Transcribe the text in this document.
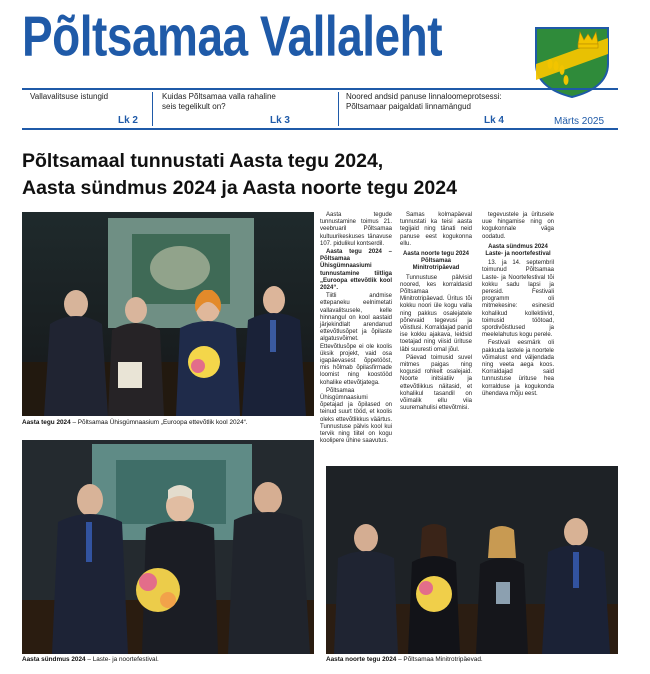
Põltsamaa Vallaleht
Vallavalitsuse istungid
Lk 2
Kuidas Põltsamaa valla rahaline seis tegelikult on?
Lk 3
Noored andsid panuse linnaloomeprotsessi: Põltsamaar paigaldati linnamängud
Lk 4	Märts 2025
Põltsamaal tunnustati Aasta tegu 2024,
Aasta sündmus 2024 ja Aasta noorte tegu 2024
Aasta tegu 2024 – Põltsamaa Ühisgümnaasium „Euroopa ettevõtlik kool 2024“.
Aasta sündmus 2024 – Laste- ja noortefestival.	Aasta noorte tegu 2024 – Põltsamaa Minitrotripäevad.

Aasta tegude tunnustamine toimus 21. veebruaril Põltsamaa kultuurikeskuses tänavuse 107. pidulikul kontserdil.

Aasta tegu 2024 – Põltsamaa Ühisgümnaasiumi tunnustamine tiitliga „Euroopa ettevõtlik kool 2024“.

Tiitli andmise ettepaneku eelnimetati vallavalitsusele, kelle hinnangul on kool aastaid järjekindlalt arendanud ettevõtlusõpet ja õpilaste algatusvõimet. Ettevõtlusõpe ei ole koolis üksik projekt, vaid osa igapäevasest õppetööst, mis hõlmab õpilasfirmade loomist ning koostööd kohalike ettevõtjatega.

Põltsamaa Ühisgümnaasiumi õpetajad ja õpilased on teinud suurt tööd, et koolis oleks ettevõtlikkus väärtus. Tunnustuse pälvis kool kui tervik ning tiitel on kogu koolipere ühine saavutus.

Samas kolmapäeval tunnustati ka teisi aasta tegijaid ning tänati neid panuse eest kogukonna ellu.

Aasta noorte tegu 2024 Põltsamaa Minitrotripäevad

Tunnustuse pälvisid noored, kes korraldasid Põltsamaa Minitrotripäevad. Üritus tõi kokku noori üle kogu valla ning pakkus osalejatele põnevaid tegevusi ja võistlusi. Korraldajad panid ise kokku ajakava, leidsid toetajad ning viisid ürituse läbi suuresti omal jõul.

Päevad toimusid suvel mitmes paigas ning kogusid rohkelt osalejaid. Noorte initsiatiiv ja ettevõtlikkus näitasid, et kohalikul tasandil on võimalik ellu viia suuremahulisi ettevõtmisi.

tegevustele ja üritusele uue hingamise ning on kogukonnale väga oodatud.

Aasta sündmus 2024 Laste- ja noortefestival

13. ja 14. septembril toimunud Põltsamaa Laste- ja Noortefestival tõi kokku sadu lapsi ja peresid. Festivali programm oli mitmekesine: esinesid kohalikud kollektiivid, toimusid töötoad, spordivõistlused ja meelelahutus kogu perele.

Festivali eesmärk oli pakkuda lastele ja noortele võimalust end väljendada ning veeta aega koos. Korraldajad said tunnustuse ürituse hea korralduse ja kogukonda ühendava mõju eest.
